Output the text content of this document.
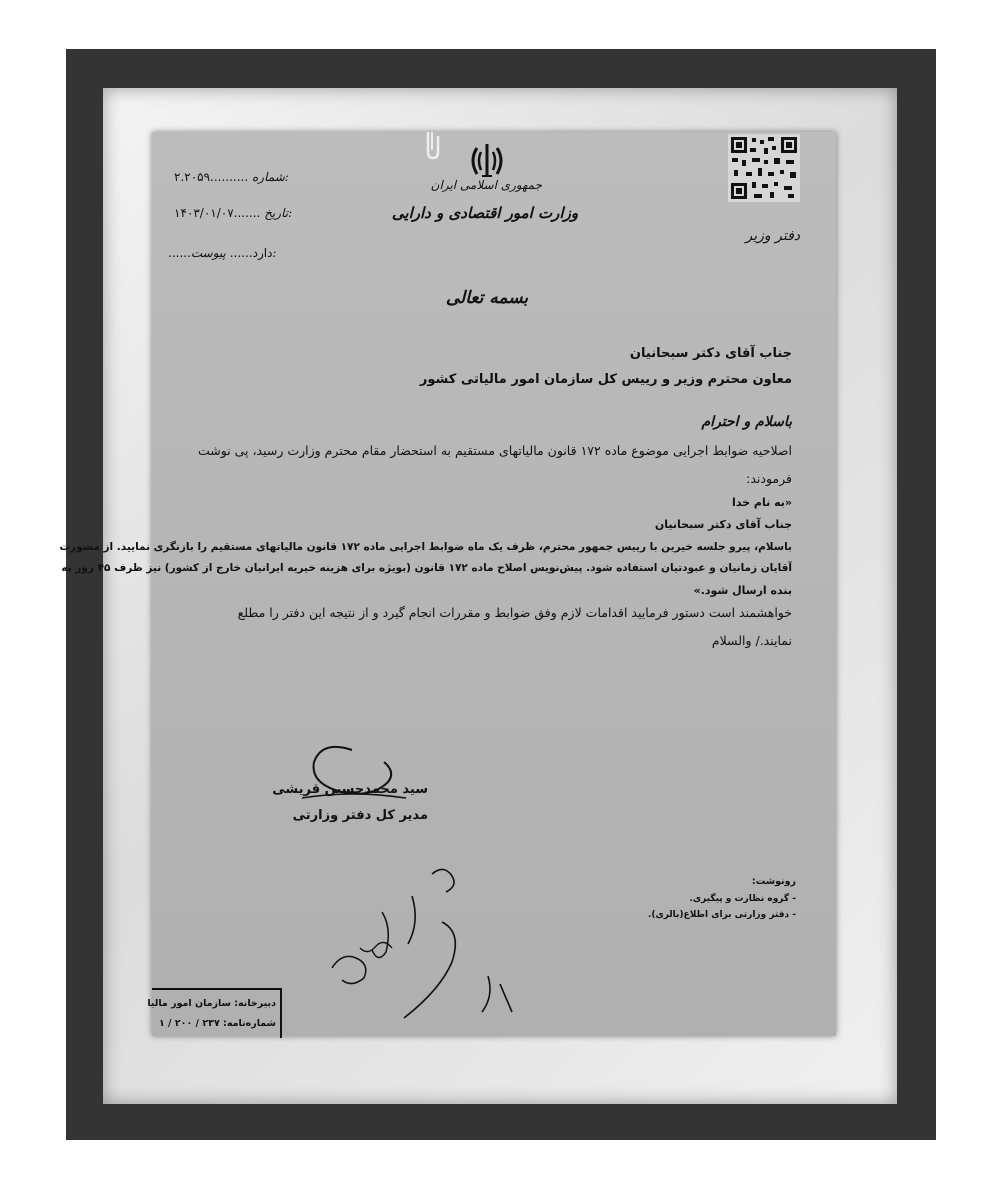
جمهوری اسلامی ایران
وزارت امور اقتصادی و دارایی
دفتر وزیر
۲.۲۰۵۹.......... شماره:
۱۴۰۳/۰۱/۰۷....... تاریخ:
......دارد...... پیوست:
بسمه تعالی
جناب آقای دکتر سبحانیان
معاون محترم وزیر و رییس کل سازمان امور مالیاتی کشور
باسلام و احترام
اصلاحیه ضوابط اجرایی موضوع ماده ۱۷۲ قانون مالیاتهای مستقیم به استحضار مقام محترم وزارت رسید، پی نوشت
فرمودند:
«به نام خدا
جناب آقای دکتر سبحانیان
باسلام، پیرو جلسه خیرین با رییس جمهور محترم، ظرف یک ماه ضوابط اجرایی ماده ۱۷۲ قانون مالیاتهای مستقیم را بازنگری نمایید. از مشورت
آقایان زمانیان و عبودتیان استفاده شود. پیش‌نویس اصلاح ماده ۱۷۲ قانون (بویژه برای هزینه خیریه ایرانیان خارج از کشور) نیز ظرف ۴۵ روز به
بنده ارسال شود.»
خواهشمند است دستور فرمایید اقدامات لازم وفق ضوابط و مقررات انجام گیرد و از نتیجه این دفتر را مطلع
نمایند./ والسلام
سید محمدحسین قریشی
مدیر کل دفتر وزارتی
رونوشت:
- گروه نظارت و پیگیری.
- دفتر وزارتی برای اطلاع(بالری).
دبیرخانه: سازمان امور مالیا
شماره‌نامه: ۲۳۷ / ۲۰۰ / ۱
